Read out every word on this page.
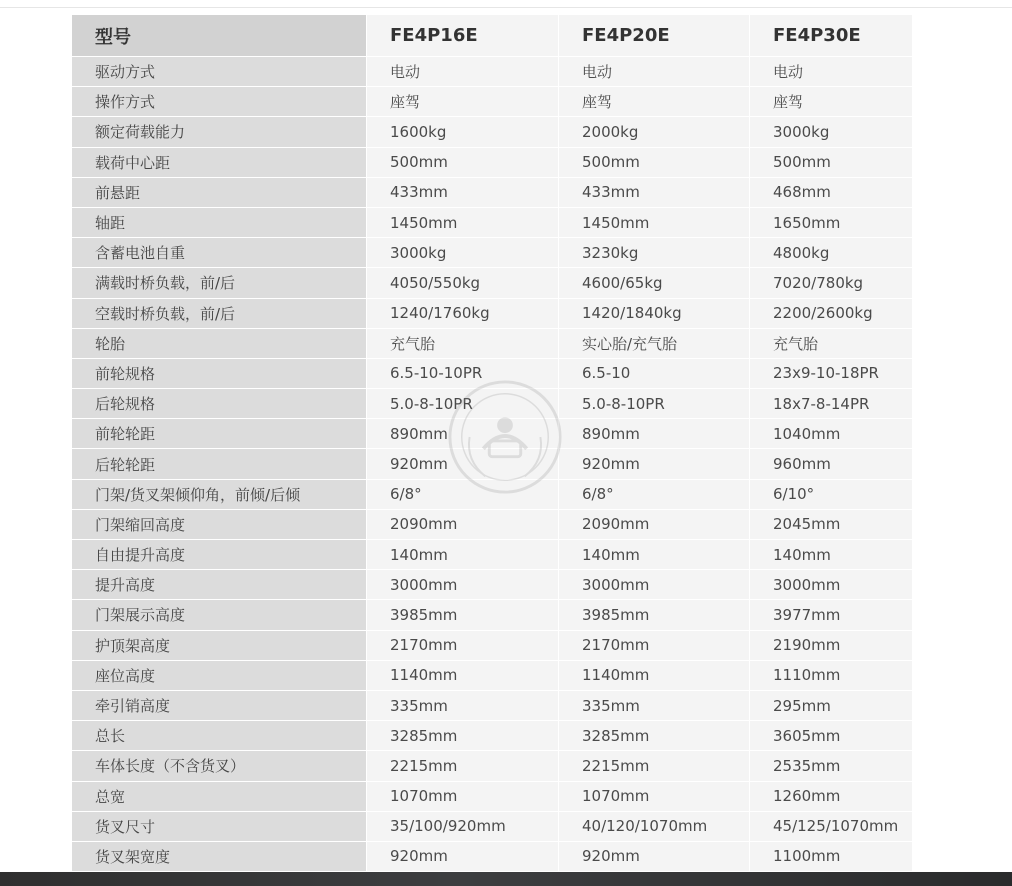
型号	FE4P16E	FE4P20E	FE4P30E
驱动方式	电动	电动	电动
操作方式	座驾	座驾	座驾
额定荷载能力	1600kg	2000kg	3000kg
载荷中心距	500mm	500mm	500mm
前悬距	433mm	433mm	468mm
轴距	1450mm	1450mm	1650mm
含蓄电池自重	3000kg	3230kg	4800kg
满载时桥负载，前/后	4050/550kg	4600/65kg	7020/780kg
空载时桥负载，前/后	1240/1760kg	1420/1840kg	2200/2600kg
轮胎	充气胎	实心胎/充气胎	充气胎
前轮规格	6.5-10-10PR	6.5-10	23x9-10-18PR
后轮规格	5.0-8-10PR	5.0-8-10PR	18x7-8-14PR
前轮轮距	890mm	890mm	1040mm
后轮轮距	920mm	920mm	960mm
门架/货叉架倾仰角，前倾/后倾	6/8°	6/8°	6/10°
门架缩回高度	2090mm	2090mm	2045mm
自由提升高度	140mm	140mm	140mm
提升高度	3000mm	3000mm	3000mm
门架展示高度	3985mm	3985mm	3977mm
护顶架高度	2170mm	2170mm	2190mm
座位高度	1140mm	1140mm	1110mm
牵引销高度	335mm	335mm	295mm
总长	3285mm	3285mm	3605mm
车体长度（不含货叉）	2215mm	2215mm	2535mm
总宽	1070mm	1070mm	1260mm
货叉尺寸	35/100/920mm	40/120/1070mm	45/125/1070mm
货叉架宽度	920mm	920mm	1100mm
